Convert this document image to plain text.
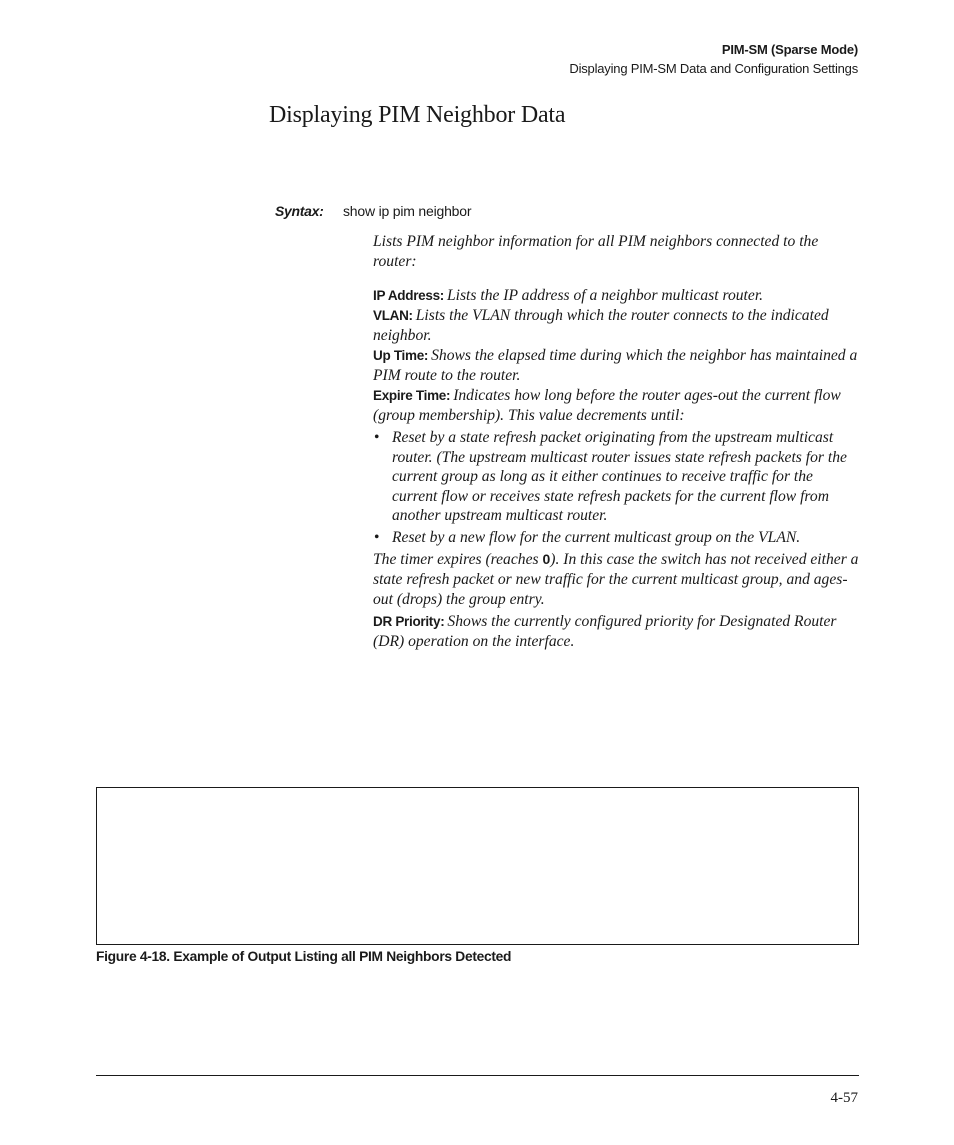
PIM-SM (Sparse Mode)
Displaying PIM-SM Data and Configuration Settings
Displaying PIM Neighbor Data
Syntax: show ip pim neighbor

Lists PIM neighbor information for all PIM neighbors connected to the router:

IP Address: Lists the IP address of a neighbor multicast router.

VLAN: Lists the VLAN through which the router connects to the indicated neighbor.

Up Time: Shows the elapsed time during which the neighbor has maintained a PIM route to the router.

Expire Time: Indicates how long before the router ages-out the current flow (group membership). This value decrements until:

• Reset by a state refresh packet originating from the upstream multicast router. (The upstream multicast router issues state refresh packets for the current group as long as it either continues to receive traffic for the current flow or receives state refresh packets for the current flow from another upstream multicast router.
• Reset by a new flow for the current multicast group on the VLAN.

The timer expires (reaches 0). In this case the switch has not received either a state refresh packet or new traffic for the current multicast group, and ages-out (drops) the group entry.

DR Priority: Shows the currently configured priority for Designated Router (DR) operation on the interface.

Figure 4-18. Example of Output Listing all PIM Neighbors Detected
4-57
